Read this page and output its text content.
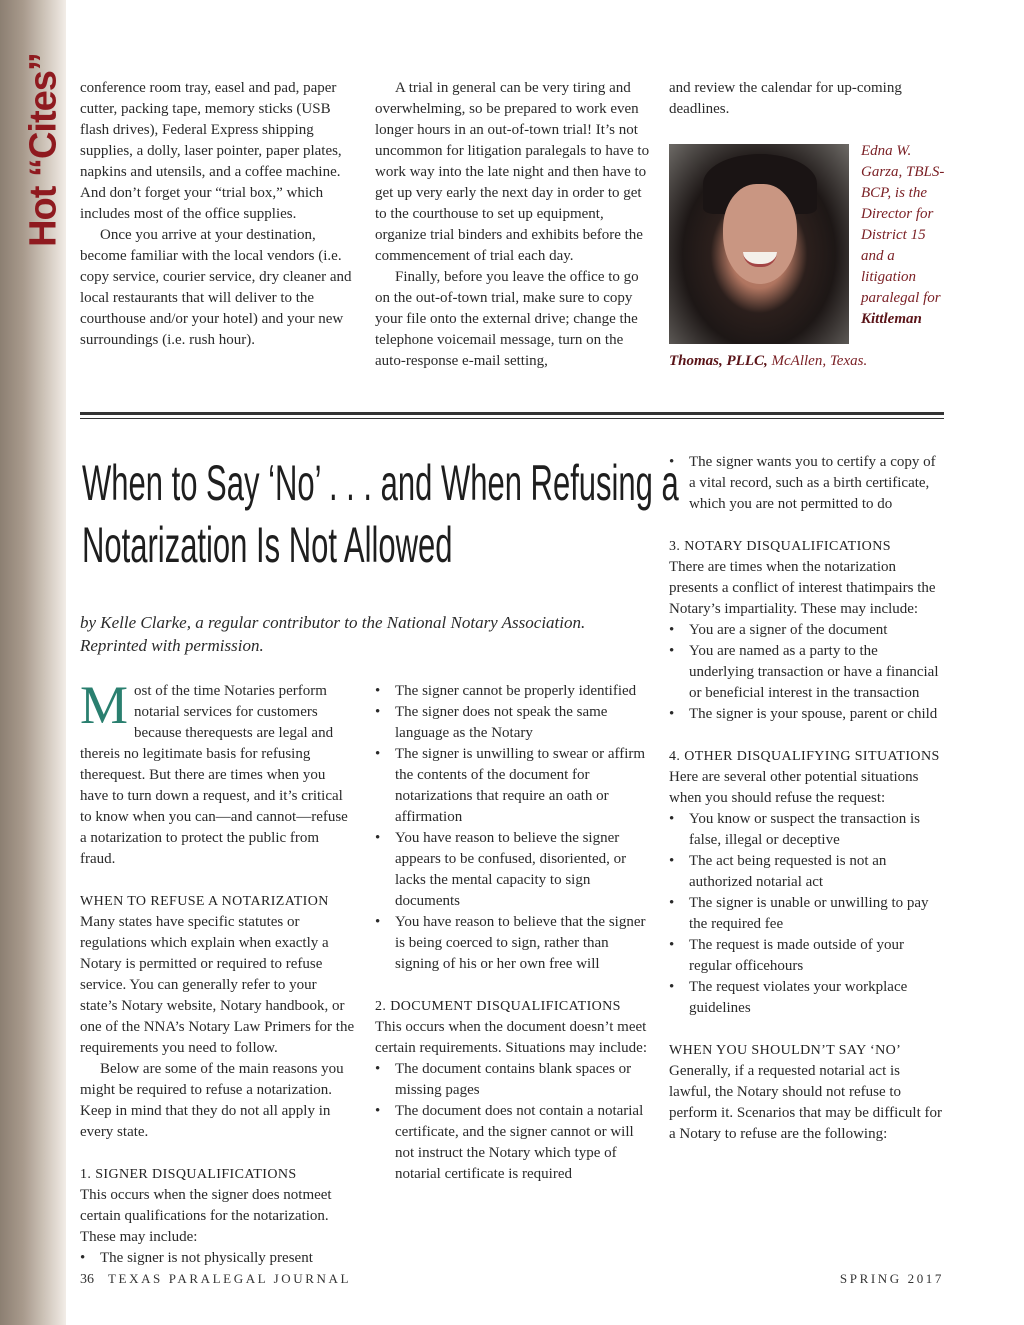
Hot “Cites” conference room tray, easel and pad, paper cutter, packing tape, memory sticks (USB flash drives), Federal Express shipping supplies, a dolly, laser pointer, paper plates, napkins and utensils, and a coffee machine. And don’t forget your “trial box,” which includes most of the office supplies.

Once you arrive at your destination, become familiar with the local vendors (i.e. copy service, courier service, dry cleaner and local restaurants that will deliver to the courthouse and/or your hotel) and your new surroundings (i.e. rush hour).

A trial in general can be very tiring and overwhelming, so be prepared to work even longer hours in an out-of-town trial! It’s not uncommon for litigation paralegals to have to work way into the late night and then have to get up very early the next day in order to get to the courthouse to set up equipment, organize trial binders and exhibits before the commencement of trial each day.

Finally, before you leave the office to go on the out-of-town trial, make sure to copy your file onto the external drive; change the telephone voicemail message, turn on the auto-response e-mail setting,

and review the calendar for up-coming deadlines.

Edna W. Garza, TBLS-BCP, is the Director for District 15 and a litigation paralegal for Kittleman
Thomas, PLLC, McAllen, Texas.
When to Say ‘No’ . . . and When Refusing a
Notarization Is Not Allowed
by Kelle Clarke, a regular contributor to the National Notary Association.
Reprinted with permission.

Most of the time Notaries perform notarial services for customers because therequests are legal and thereis no legitimate basis for refusing therequest. But there are times when you have to turn down a request, and it’s critical to know when you can—and cannot—refuse a notarization to protect the public from fraud.

WHEN TO REFUSE A NOTARIZATION

Many states have specific statutes or regulations which explain when exactly a Notary is permitted or required to refuse service. You can generally refer to your state’s Notary website, Notary handbook, or one of the NNA’s Notary Law Primers for the requirements you need to follow.

Below are some of the main reasons you might be required to refuse a notarization. Keep in mind that they do not all apply in every state.

1. SIGNER DISQUALIFICATIONS

This occurs when the signer does notmeet certain qualifications for the notarization. These may include:

• The signer is not physically present
• The signer cannot be properly identified
• The signer does not speak the same language as the Notary
• The signer is unwilling to swear or affirm the contents of the document for notarizations that require an oath or affirmation
• You have reason to believe the signer appears to be confused, disoriented, or lacks the mental capacity to sign documents
• You have reason to believe that the signer is being coerced to sign, rather than signing of his or her own free will

2. DOCUMENT DISQUALIFICATIONS

This occurs when the document doesn’t meet certain requirements. Situations may include:

• The document contains blank spaces or missing pages
• The document does not contain a notarial certificate, and the signer cannot or will not instruct the Notary which type of notarial certificate is required
• The signer wants you to certify a copy of a vital record, such as a birth certificate, which you are not permitted to do

3. NOTARY DISQUALIFICATIONS

There are times when the notarization presents a conflict of interest thatimpairs the Notary’s impartiality. These may include:

• You are a signer of the document
• You are named as a party to the underlying transaction or have a financial or beneficial interest in the transaction
• The signer is your spouse, parent or child

4. OTHER DISQUALIFYING SITUATIONS

Here are several other potential situations when you should refuse the request:

• You know or suspect the transaction is false, illegal or deceptive
• The act being requested is not an authorized notarial act
• The signer is unable or unwilling to pay the required fee
• The request is made outside of your regular officehours
• The request violates your workplace guidelines

WHEN YOU SHOULDN’T SAY ‘NO’

Generally, if a requested notarial act is lawful, the Notary should not refuse to perform it. Scenarios that may be difficult for a Notary to refuse are the following:

36 TEXAS PARALEGAL JOURNAL	SPRING 2017
